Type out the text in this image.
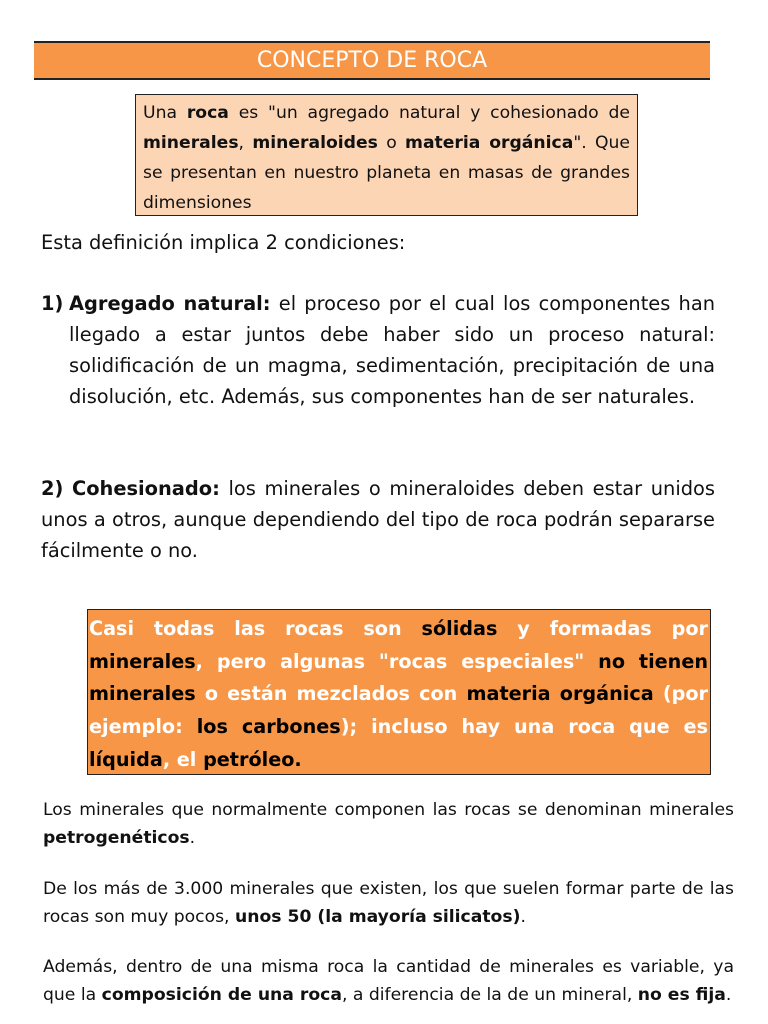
CONCEPTO DE ROCA
Una roca es "un agregado natural y cohesionado de minerales, mineraloides o materia orgánica". Que se presentan en nuestro planeta en masas de grandes dimensiones

Esta definición implica 2 condiciones:

1) Agregado natural: el proceso por el cual los componentes han llegado a estar juntos debe haber sido un proceso natural: solidificación de un magma, sedimentación, precipitación de una disolución, etc. Además, sus componentes han de ser naturales.

2) Cohesionado: los minerales o mineraloides deben estar unidos unos a otros, aunque dependiendo del tipo de roca podrán separarse fácilmente o no.

Casi todas las rocas son sólidas y formadas por minerales, pero algunas "rocas especiales" no tienen minerales o están mezclados con materia orgánica (por ejemplo: los carbones); incluso hay una roca que es líquida, el petróleo.

Los minerales que normalmente componen las rocas se denominan minerales petrogenéticos.

De los más de 3.000 minerales que existen, los que suelen formar parte de las rocas son muy pocos, unos 50 (la mayoría silicatos).

Además, dentro de una misma roca la cantidad de minerales es variable, ya que la composición de una roca, a diferencia de la de un mineral, no es fija.
